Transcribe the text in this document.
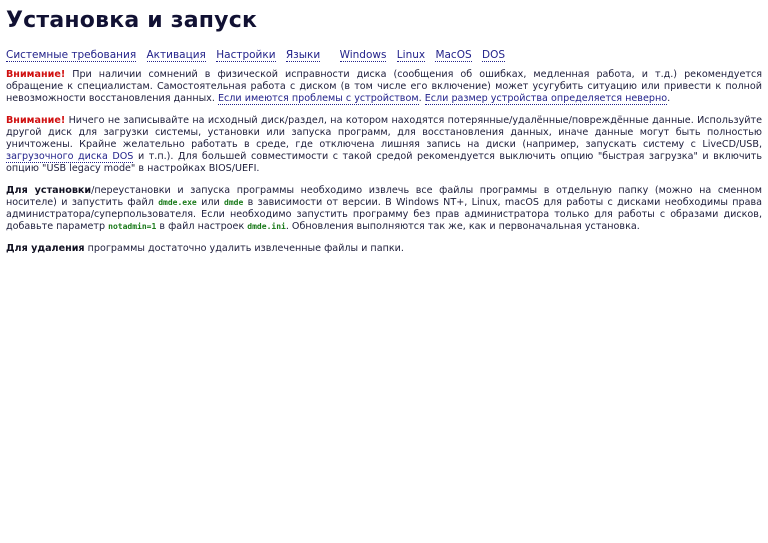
Установка и запуск
Системные требования Активация Настройки Языки Windows Linux MacOS DOS

Внимание! При наличии сомнений в физической исправности диска (сообщения об ошибках, медленная работа, и т.д.) рекомендуется обращение к специалистам. Самостоятельная работа с диском (в том числе его включение) может усугубить ситуацию или привести к полной невозможности восстановления данных. Если имеются проблемы с устройством. Если размер устройства определяется неверно.

Внимание! Ничего не записывайте на исходный диск/раздел, на котором находятся потерянные/удалённые/повреждённые данные. Используйте другой диск для загрузки системы, установки или запуска программ, для восстановления данных, иначе данные могут быть полностью уничтожены. Крайне желательно работать в среде, где отключена лишняя запись на диски (например, запускать систему с LiveCD/USB, загрузочного диска DOS и т.п.). Для большей совместимости с такой средой рекомендуется выключить опцию "быстрая загрузка" и включить опцию "USB legacy mode" в настройках BIOS/UEFI.

Для установки/переустановки и запуска программы необходимо извлечь все файлы программы в отдельную папку (можно на сменном носителе) и запустить файл dmde.exe или dmde в зависимости от версии. В Windows NT+, Linux, macOS для работы с дисками необходимы права администратора/суперпользователя. Если необходимо запустить программу без прав администратора только для работы с образами дисков, добавьте параметр notadmin=1 в файл настроек dmde.ini. Обновления выполняются так же, как и первоначальная установка.

Для удаления программы достаточно удалить извлеченные файлы и папки.
